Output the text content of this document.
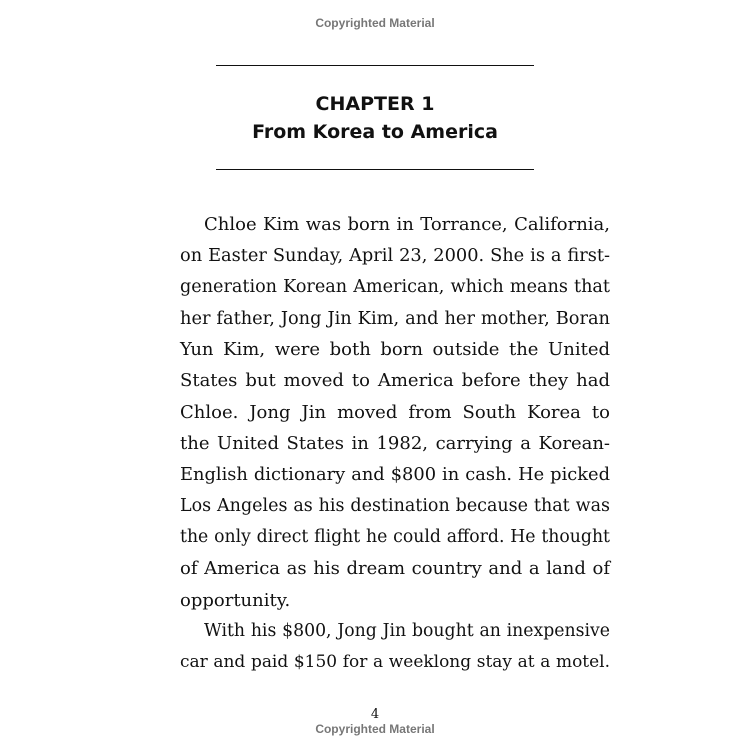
Copyrighted Material
CHAPTER 1
From Korea to America
Chloe Kim was born in Torrance, California,
on Easter Sunday, April 23, 2000. She is a first-
generation Korean American, which means that
her father, Jong Jin Kim, and her mother, Boran
Yun Kim, were both born outside the United
States but moved to America before they had
Chloe. Jong Jin moved from South Korea to
the United States in 1982, carrying a Korean-
English dictionary and $800 in cash. He picked
Los Angeles as his destination because that was
the only direct flight he could afford. He thought
of America as his dream country and a land of
opportunity.
With his $800, Jong Jin bought an inexpensive
car and paid $150 for a weeklong stay at a motel.
4
Copyrighted Material
